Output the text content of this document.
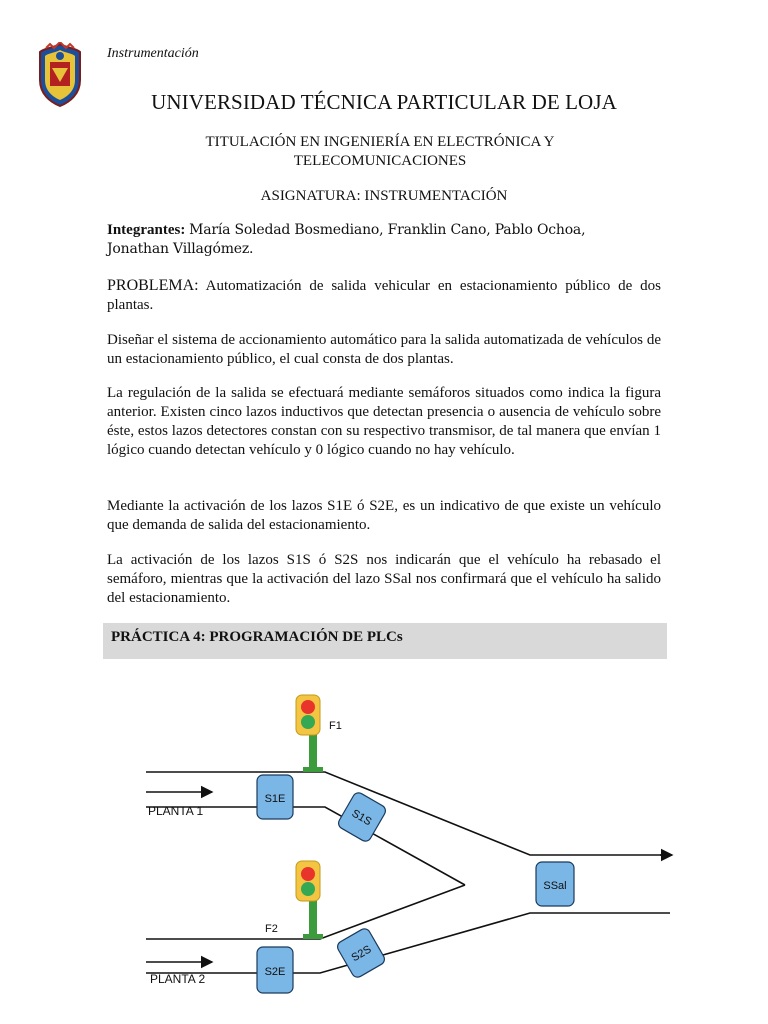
Instrumentación
UNIVERSIDAD TÉCNICA PARTICULAR DE LOJA
TITULACIÓN EN INGENIERÍA EN ELECTRÓNICA Y
TELECOMUNICACIONES
ASIGNATURA: INSTRUMENTACIÓN
Integrantes: María Soledad Bosmediano, Franklin Cano, Pablo Ochoa, Jonathan Villagómez.
PROBLEMA: Automatización de salida vehicular en estacionamiento público de dos plantas.
Diseñar el sistema de accionamiento automático para la salida automatizada de vehículos de un estacionamiento público, el cual consta de dos plantas.
La regulación de la salida se efectuará mediante semáforos situados como indica la figura anterior. Existen cinco lazos inductivos que detectan presencia o ausencia de vehículo sobre éste, estos lazos detectores constan con su respectivo transmisor, de tal manera que envían 1 lógico cuando detectan vehículo y 0 lógico cuando no hay vehículo.
Mediante la activación de los lazos S1E ó S2E, es un indicativo de que existe un vehículo que demanda de salida del estacionamiento.
La activación de los lazos S1S ó S2S nos indicarán que el vehículo ha rebasado el semáforo, mientras que la activación del lazo SSal nos confirmará que el vehículo ha salido del estacionamiento.
PRÁCTICA 4: PROGRAMACIÓN DE PLCs
PLANTA 1
PLANTA 2
F1
F2
S1E
S1S
S2E
S2S
SSal
